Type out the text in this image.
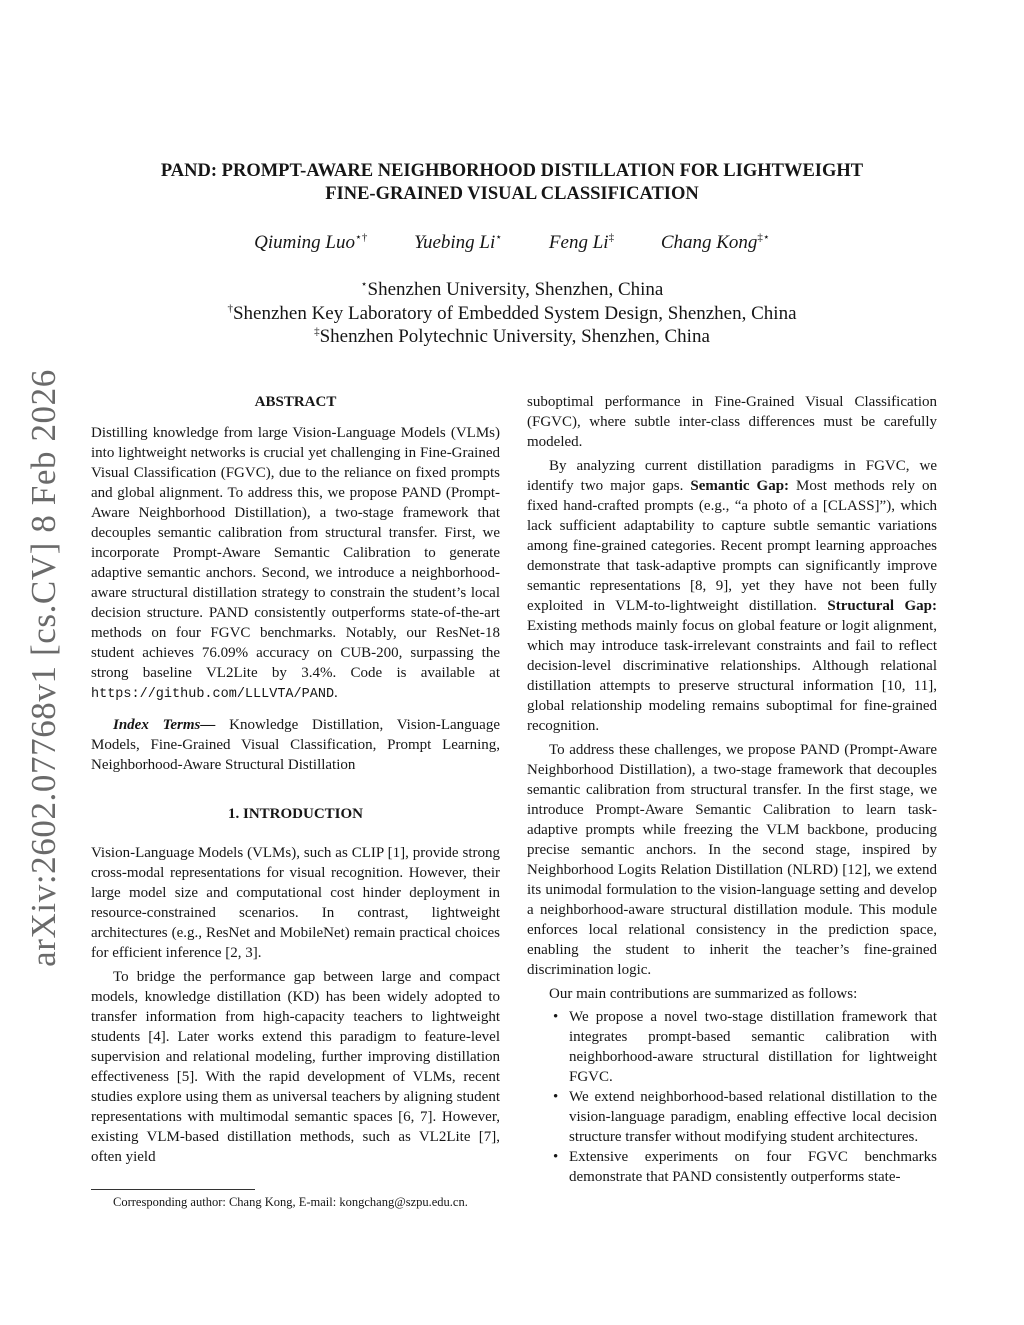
arXiv:2602.07768v1 [cs.CV] 8 Feb 2026
PAND: PROMPT-AWARE NEIGHBORHOOD DISTILLATION FOR LIGHTWEIGHT
FINE-GRAINED VISUAL CLASSIFICATION
Qiuming Luo⋆† Yuebing Li⋆ Feng Li‡ Chang Kong‡⋆
⋆Shenzhen University, Shenzhen, China
†Shenzhen Key Laboratory of Embedded System Design, Shenzhen, China
‡Shenzhen Polytechnic University, Shenzhen, China
ABSTRACT

Distilling knowledge from large Vision-Language Models (VLMs) into lightweight networks is crucial yet challenging in Fine-Grained Visual Classification (FGVC), due to the reliance on fixed prompts and global alignment. To address this, we propose PAND (Prompt-Aware Neighborhood Distillation), a two-stage framework that decouples semantic calibration from structural transfer. First, we incorporate Prompt-Aware Semantic Calibration to generate adaptive semantic anchors. Second, we introduce a neighborhood-aware structural distillation strategy to constrain the student’s local decision structure. PAND consistently outperforms state-of-the-art methods on four FGVC benchmarks. Notably, our ResNet-18 student achieves 76.09% accuracy on CUB-200, surpassing the strong baseline VL2Lite by 3.4%. Code is available at https://github.com/LLLVTA/PAND.

Index Terms— Knowledge Distillation, Vision-Language Models, Fine-Grained Visual Classification, Prompt Learning, Neighborhood-Aware Structural Distillation

1. INTRODUCTION

Vision-Language Models (VLMs), such as CLIP [1], provide strong cross-modal representations for visual recognition. However, their large model size and computational cost hinder deployment in resource-constrained scenarios. In contrast, lightweight architectures (e.g., ResNet and MobileNet) remain practical choices for efficient inference [2, 3].

To bridge the performance gap between large and compact models, knowledge distillation (KD) has been widely adopted to transfer information from high-capacity teachers to lightweight students [4]. Later works extend this paradigm to feature-level supervision and relational modeling, further improving distillation effectiveness [5]. With the rapid development of VLMs, recent studies explore using them as universal teachers by aligning student representations with multimodal semantic spaces [6, 7]. However, existing VLM-based distillation methods, such as VL2Lite [7], often yield

suboptimal performance in Fine-Grained Visual Classification (FGVC), where subtle inter-class differences must be carefully modeled.

By analyzing current distillation paradigms in FGVC, we identify two major gaps. Semantic Gap: Most methods rely on fixed hand-crafted prompts (e.g., “a photo of a [CLASS]”), which lack sufficient adaptability to capture subtle semantic variations among fine-grained categories. Recent prompt learning approaches demonstrate that task-adaptive prompts can significantly improve semantic representations [8, 9], yet they have not been fully exploited in VLM-to-lightweight distillation. Structural Gap: Existing methods mainly focus on global feature or logit alignment, which may introduce task-irrelevant constraints and fail to reflect decision-level discriminative relationships. Although relational distillation attempts to preserve structural information [10, 11], global relationship modeling remains suboptimal for fine-grained recognition.

To address these challenges, we propose PAND (Prompt-Aware Neighborhood Distillation), a two-stage framework that decouples semantic calibration from structural transfer. In the first stage, we introduce Prompt-Aware Semantic Calibration to learn task-adaptive prompts while freezing the VLM backbone, producing precise semantic anchors. In the second stage, inspired by Neighborhood Logits Relation Distillation (NLRD) [12], we extend its unimodal formulation to the vision-language setting and develop a neighborhood-aware structural distillation module. This module enforces local relational consistency in the prediction space, enabling the student to inherit the teacher’s fine-grained discrimination logic.

Our main contributions are summarized as follows:

• We propose a novel two-stage distillation framework that integrates prompt-based semantic calibration with neighborhood-aware structural distillation for lightweight FGVC.
• We extend neighborhood-based relational distillation to the vision-language paradigm, enabling effective local decision structure transfer without modifying student architectures.
• Extensive experiments on four FGVC benchmarks demonstrate that PAND consistently outperforms state-
Corresponding author: Chang Kong, E-mail: kongchang@szpu.edu.cn.
